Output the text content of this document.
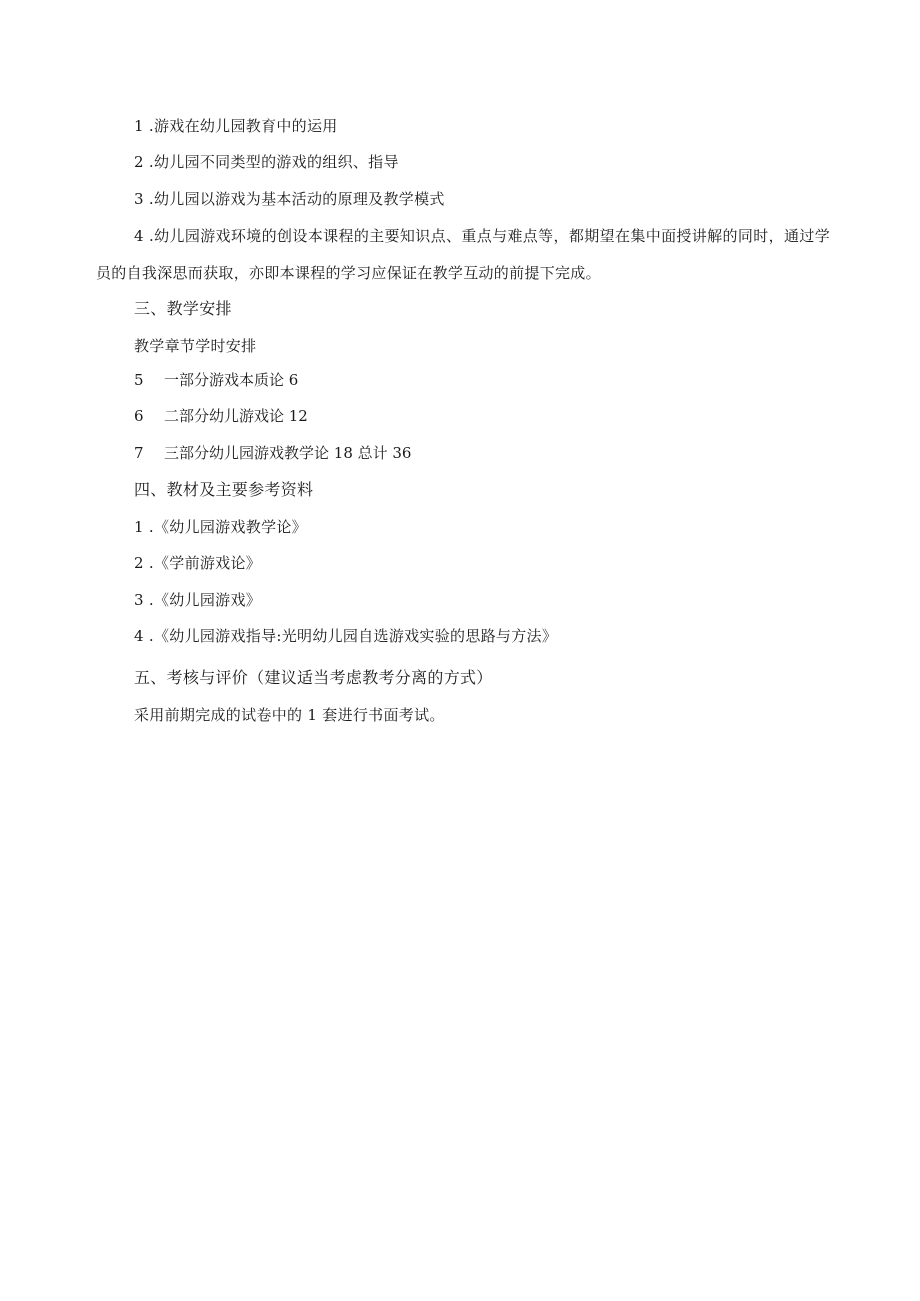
1 .游戏在幼儿园教育中的运用
2 .幼儿园不同类型的游戏的组织、指导
3 .幼儿园以游戏为基本活动的原理及教学模式
4 .幼儿园游戏环境的创设本课程的主要知识点、重点与难点等，都期望在集中面授讲解的同时，通过学员的自我深思而获取，亦即本课程的学习应保证在教学互动的前提下完成。
三、教学安排
教学章节学时安排
5 一部分游戏本质论 6
6 二部分幼儿游戏论 12
7 三部分幼儿园游戏教学论 18 总计 36
四、教材及主要参考资料
1 .《幼儿园游戏教学论》
2 .《学前游戏论》
3 .《幼儿园游戏》
4 .《幼儿园游戏指导:光明幼儿园自选游戏实验的思路与方法》
五、考核与评价（建议适当考虑教考分离的方式）
采用前期完成的试卷中的 1 套进行书面考试。
